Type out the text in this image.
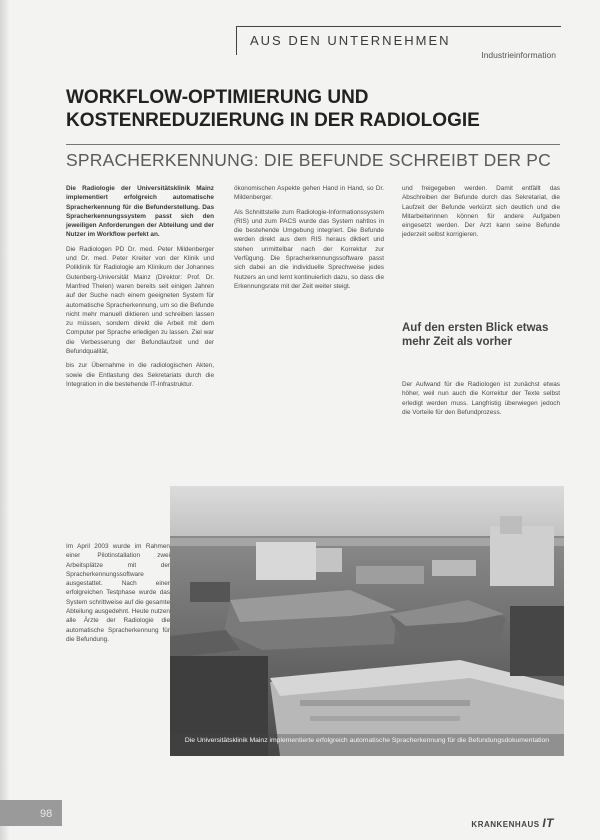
AUS DEN UNTERNEHMEN
Industrieinformation
WORKFLOW-OPTIMIERUNG UND
KOSTENREDUZIERUNG IN DER RADIOLOGIE
SPRACHERKENNUNG: DIE BEFUNDE SCHREIBT DER PC

Die Radiologie der Universitätsklinik Mainz implementiert erfolgreich automatische Spracherkennung für die Befunderstellung. Das Spracherkennungssystem passt sich den jeweiligen Anforderungen der Abteilung und der Nutzer im Workflow perfekt an.

Die Radiologen PD Dr. med. Peter Mildenberger und Dr. med. Peter Kreiter von der Klinik und Poliklinik für Radiologie am Klinikum der Johannes Gutenberg-Universität Mainz (Direktor: Prof. Dr. Manfred Thelen) waren bereits seit einigen Jahren auf der Suche nach einem geeigneten System für automatische Spracherkennung, um so die Befunde nicht mehr manuell diktieren und schreiben lassen zu müssen, sondern direkt die Arbeit mit dem Computer per Sprache erledigen zu lassen. Ziel war die Verbesserung der Befundlaufzeit und der Befundqualität,

bis zur Übernahme in die radiologischen Akten, sowie die Entlastung des Sekretariats durch die Integration in die bestehende IT-Infrastruktur.

Im April 2003 wurde im Rahmen einer Pilotinstallation zwei Arbeitsplätze mit der Spracherkennungssoftware ausgestattet. Nach einer erfolgreichen Testphase wurde das System schrittweise auf die gesamte Abteilung ausgedehnt. Heute nutzen alle Ärzte der Radiologie die automatische Spracherkennung für die Befundung.

ökonomischen Aspekte gehen Hand in Hand, so Dr. Mildenberger.

Als Schnittstelle zum Radiologie-Informationssystem (RIS) und zum PACS wurde das System nahtlos in die bestehende Umgebung integriert. Die Befunde werden direkt aus dem RIS heraus diktiert und stehen unmittelbar nach der Korrektur zur Verfügung. Die Spracherkennungssoftware passt sich dabei an die individuelle Sprechweise jedes Nutzers an und lernt kontinuierlich dazu, so dass die Erkennungsrate mit der Zeit weiter steigt.

und freigegeben werden. Damit entfällt das Abschreiben der Befunde durch das Sekretariat, die Laufzeit der Befunde verkürzt sich deutlich und die Mitarbeiterinnen können für andere Aufgaben eingesetzt werden. Der Arzt kann seine Befunde jederzeit selbst korrigieren.

Auf den ersten Blick etwas mehr Zeit als vorher

Der Aufwand für die Radiologen ist zunächst etwas höher, weil nun auch die Korrektur der Texte selbst erledigt werden muss. Langfristig überwiegen jedoch die Vorteile für den Befundprozess.

Die Universitätsklinik Mainz implementierte erfolgreich automatische Spracherkennung für die Befundungsdokumentation
98
KRANKENHAUS IT
